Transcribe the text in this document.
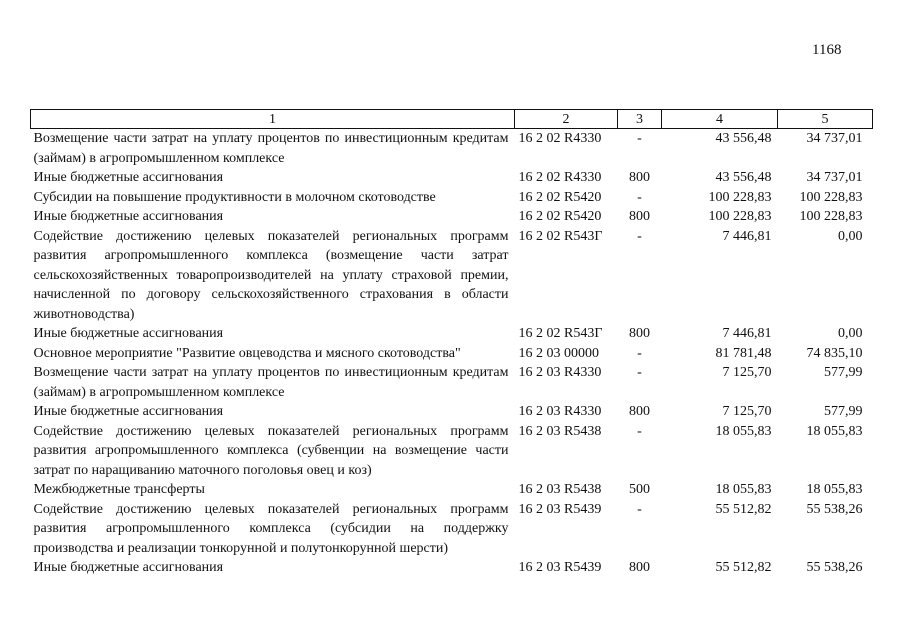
1168
1	2	3	4	5
Возмещение части затрат на уплату процентов по инвестиционным кредитам (займам) в агропромышленном комплексе	16 2 02 R4330	-	43 556,48	34 737,01
Иные бюджетные ассигнования	16 2 02 R4330	800	43 556,48	34 737,01
Субсидии на повышение продуктивности в молочном скотоводстве	16 2 02 R5420	-	100 228,83	100 228,83
Иные бюджетные ассигнования	16 2 02 R5420	800	100 228,83	100 228,83
Содействие достижению целевых показателей региональных программ развития агропромышленного комплекса (возмещение части затрат сельскохозяйственных товаропроизводителей на уплату страховой премии, начисленной по договору сельскохозяйственного страхования в области животноводства)	16 2 02 R543Г	-	7 446,81	0,00
Иные бюджетные ассигнования	16 2 02 R543Г	800	7 446,81	0,00
Основное мероприятие "Развитие овцеводства и мясного скотоводства"	16 2 03 00000	-	81 781,48	74 835,10
Возмещение части затрат на уплату процентов по инвестиционным кредитам (займам) в агропромышленном комплексе	16 2 03 R4330	-	7 125,70	577,99
Иные бюджетные ассигнования	16 2 03 R4330	800	7 125,70	577,99
Содействие достижению целевых показателей региональных программ развития агропромышленного комплекса (субвенции на возмещение части затрат по наращиванию маточного поголовья овец и коз)	16 2 03 R5438	-	18 055,83	18 055,83
Межбюджетные трансферты	16 2 03 R5438	500	18 055,83	18 055,83
Содействие достижению целевых показателей региональных программ развития агропромышленного комплекса (субсидии на поддержку производства и реализации тонкорунной и полутонкорунной шерсти)	16 2 03 R5439	-	55 512,82	55 538,26
Иные бюджетные ассигнования	16 2 03 R5439	800	55 512,82	55 538,26
